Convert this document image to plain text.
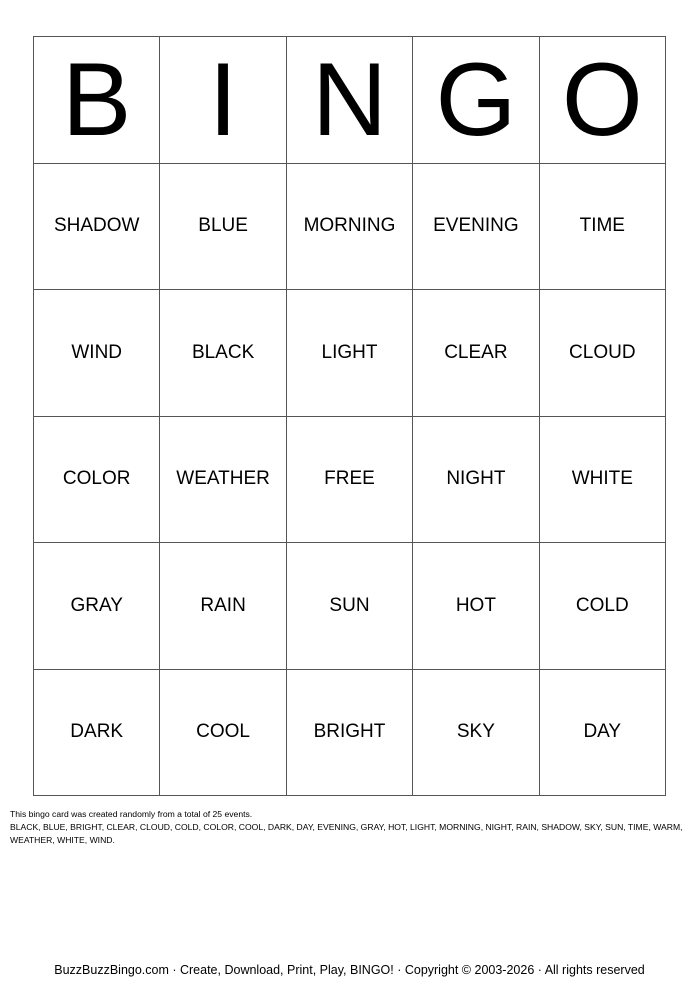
B I N G O
SHADOW	BLUE	MORNING	EVENING	TIME
WIND	BLACK	LIGHT	CLEAR	CLOUD
COLOR	WEATHER	FREE	NIGHT	WHITE
GRAY	RAIN	SUN	HOT	COLD
DARK	COOL	BRIGHT	SKY	DAY

This bingo card was created randomly from a total of 25 events.

BLACK, BLUE, BRIGHT, CLEAR, CLOUD, COLD, COLOR, COOL, DARK, DAY, EVENING, GRAY, HOT, LIGHT, MORNING, NIGHT, RAIN, SHADOW, SKY, SUN, TIME, WARM, WEATHER, WHITE, WIND.

BuzzBuzzBingo.com · Create, Download, Print, Play, BINGO! · Copyright © 2003-2026 · All rights reserved
